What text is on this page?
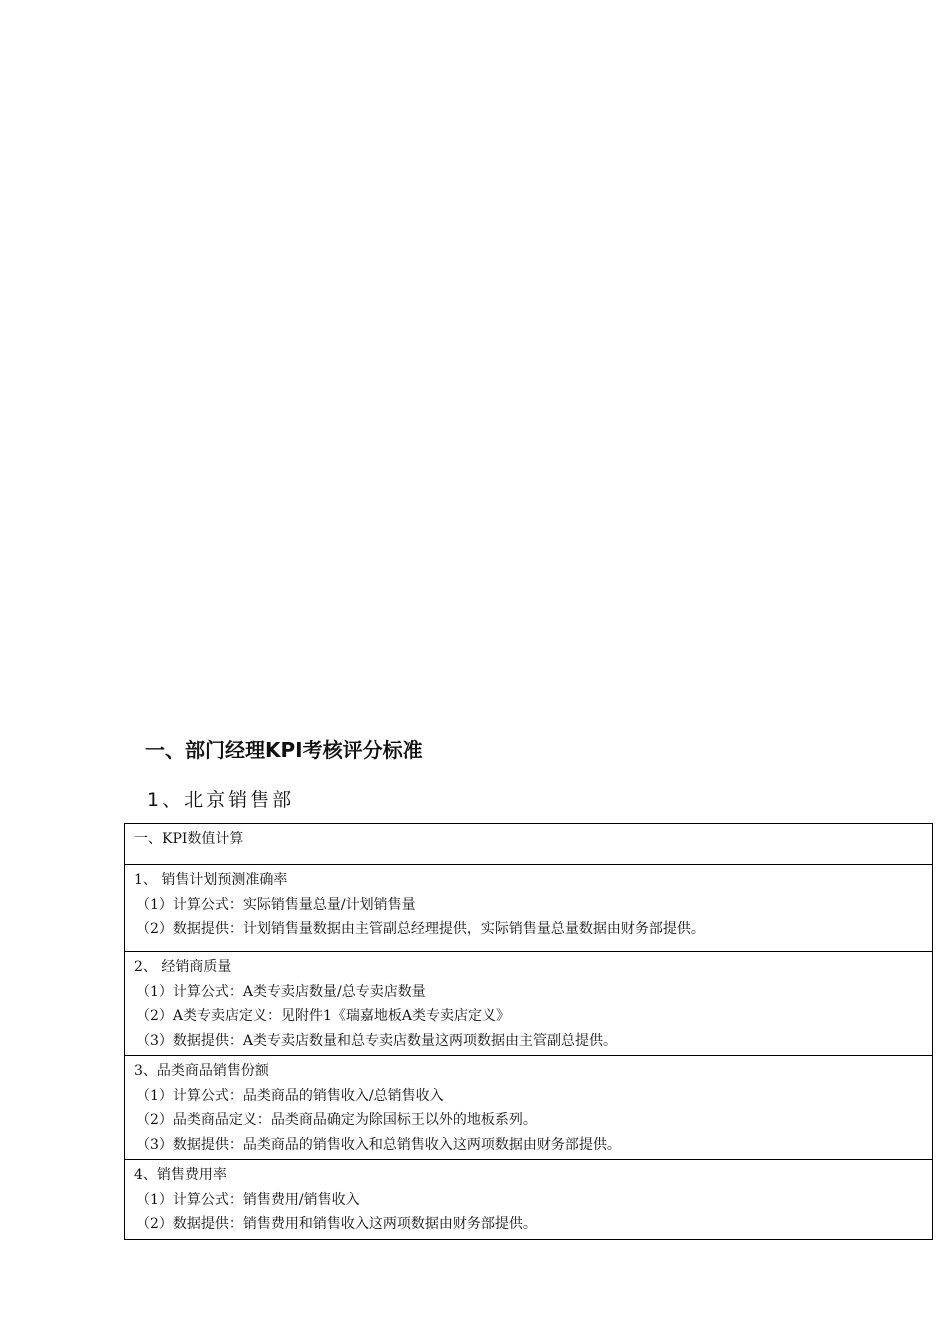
一、部门经理KPI考核评分标准
1、北京销售部
一、KPI数值计算

1、 销售计划预测准确率
（1）计算公式：实际销售量总量/计划销售量
（2）数据提供：计划销售量数据由主管副总经理提供，实际销售量总量数据由财务部提供。

2、 经销商质量
（1）计算公式：A类专卖店数量/总专卖店数量
（2）A类专卖店定义：见附件1《瑞嘉地板A类专卖店定义》
（3）数据提供：A类专卖店数量和总专卖店数量这两项数据由主管副总提供。

3、品类商品销售份额
（1）计算公式：品类商品的销售收入/总销售收入
（2）品类商品定义：品类商品确定为除国标王以外的地板系列。
（3）数据提供：品类商品的销售收入和总销售收入这两项数据由财务部提供。

4、销售费用率
（1）计算公式：销售费用/销售收入
（2）数据提供：销售费用和销售收入这两项数据由财务部提供。
